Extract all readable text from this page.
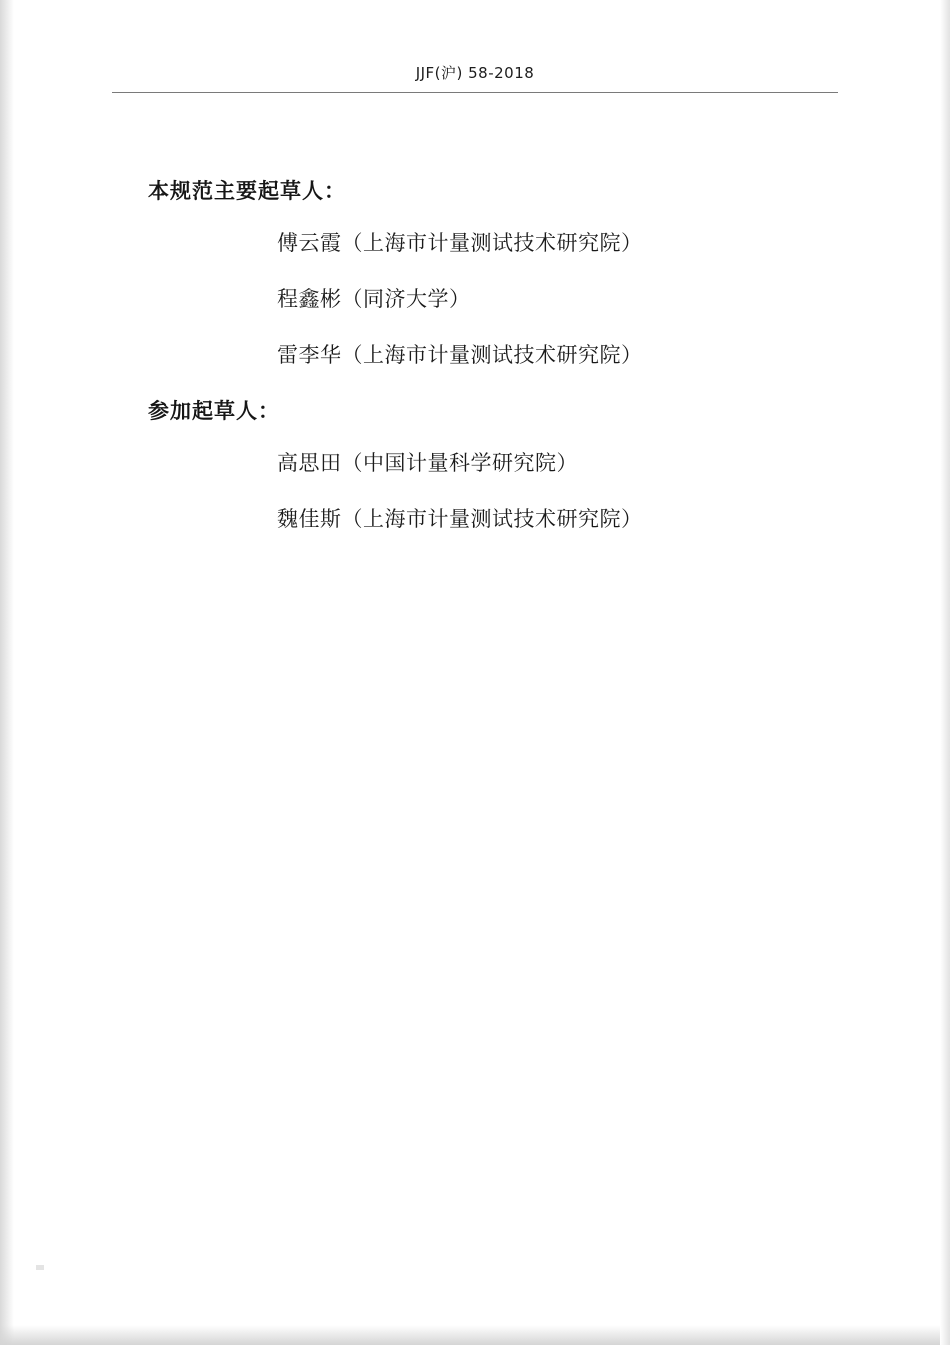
JJF(沪) 58-2018

本规范主要起草人：

傅云霞（上海市计量测试技术研究院）

程鑫彬（同济大学）

雷李华（上海市计量测试技术研究院）

参加起草人：

高思田（中国计量科学研究院）

魏佳斯（上海市计量测试技术研究院）
